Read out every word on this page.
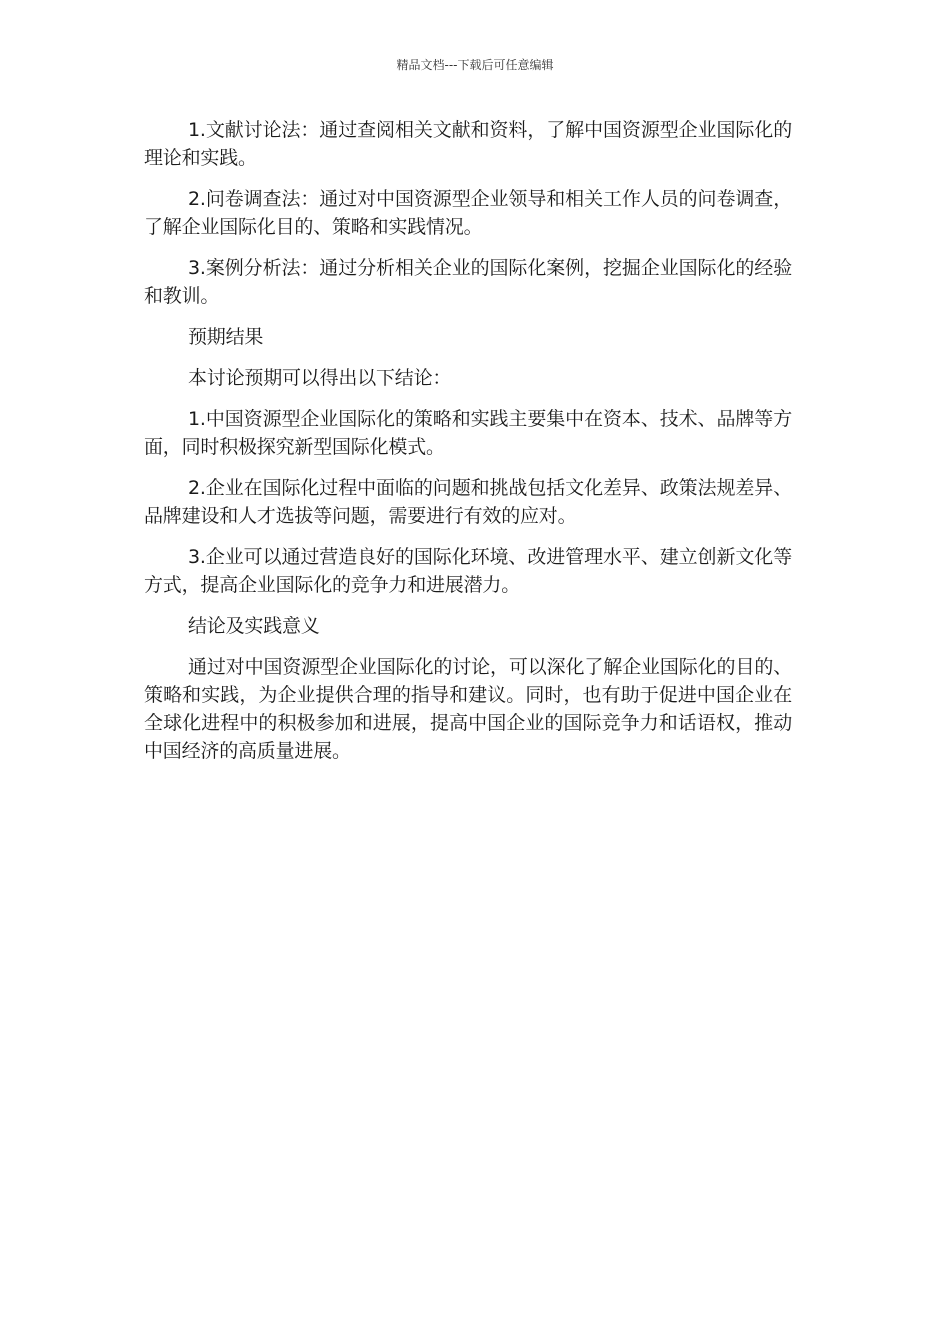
精品文档---下载后可任意编辑

1.文献讨论法：通过查阅相关文献和资料，了解中国资源型企业国际化的理论和实践。

2.问卷调查法：通过对中国资源型企业领导和相关工作人员的问卷调查，了解企业国际化目的、策略和实践情况。

3.案例分析法：通过分析相关企业的国际化案例，挖掘企业国际化的经验和教训。

预期结果

本讨论预期可以得出以下结论：

1.中国资源型企业国际化的策略和实践主要集中在资本、技术、品牌等方面，同时积极探究新型国际化模式。

2.企业在国际化过程中面临的问题和挑战包括文化差异、政策法规差异、品牌建设和人才选拔等问题，需要进行有效的应对。

3.企业可以通过营造良好的国际化环境、改进管理水平、建立创新文化等方式，提高企业国际化的竞争力和进展潜力。

结论及实践意义

通过对中国资源型企业国际化的讨论，可以深化了解企业国际化的目的、策略和实践，为企业提供合理的指导和建议。同时，也有助于促进中国企业在全球化进程中的积极参加和进展，提高中国企业的国际竞争力和话语权，推动中国经济的高质量进展。
